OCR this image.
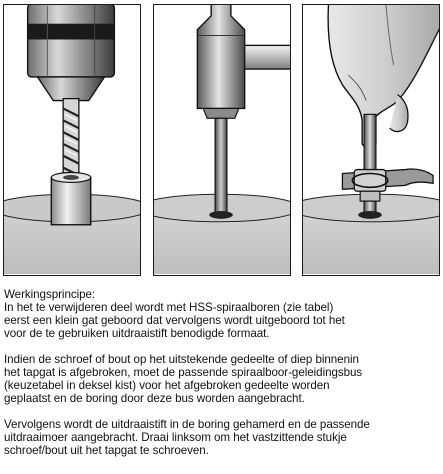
Werkingsprincipe:

In het te verwijderen deel wordt met HSS-spiraalboren (zie tabel)
eerst een klein gat geboord dat vervolgens wordt uitgeboord tot het
voor de te gebruiken uitdraaistift benodigde formaat.

Indien de schroef of bout op het uitstekende gedeelte of diep binnenin
het tapgat is afgebroken, moet de passende spiraalboor-geleidingsbus
(keuzetabel in deksel kist) voor het afgebroken gedeelte worden
geplaatst en de boring door deze bus worden aangebracht.

Vervolgens wordt de uitdraaistift in de boring gehamerd en de passende
uitdraaimoer aangebracht. Draai linksom om het vastzittende stukje
schroef/bout uit het tapgat te schroeven.
